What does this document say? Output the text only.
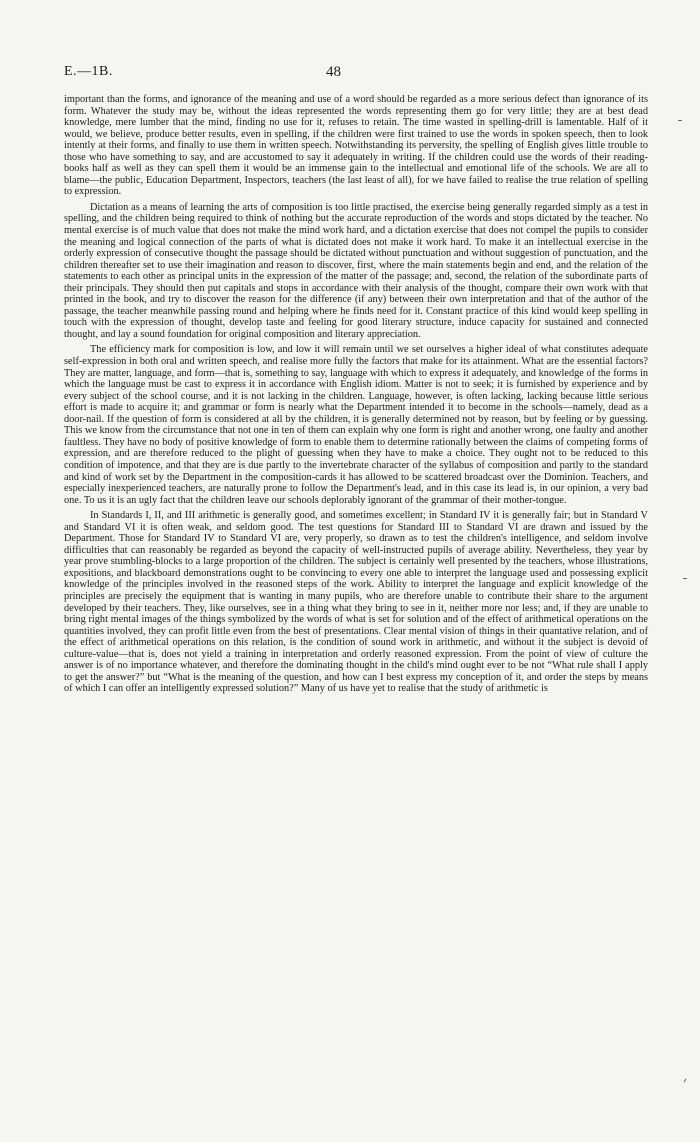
E.—1B.	48

important than the forms, and ignorance of the meaning and use of a word should be regarded as a more serious defect than ignorance of its form. Whatever the study may be, without the ideas represented the words representing them go for very little; they are at best dead knowledge, mere lumber that the mind, finding no use for it, refuses to retain. The time wasted in spelling-drill is lamentable. Half of it would, we believe, produce better results, even in spelling, if the children were first trained to use the words in spoken speech, then to look intently at their forms, and finally to use them in written speech. Notwithstanding its perversity, the spelling of English gives little trouble to those who have something to say, and are accustomed to say it adequately in writing. If the children could use the words of their reading-books half as well as they can spell them it would be an immense gain to the intellectual and emotional life of the schools. We are all to blame—the public, Education Department, Inspectors, teachers (the last least of all), for we have failed to realise the true relation of spelling to expression.

Dictation as a means of learning the arts of composition is too little practised, the exercise being generally regarded simply as a test in spelling, and the children being required to think of nothing but the accurate reproduction of the words and stops dictated by the teacher. No mental exercise is of much value that does not make the mind work hard, and a dictation exercise that does not compel the pupils to consider the meaning and logical connection of the parts of what is dictated does not make it work hard. To make it an intellectual exercise in the orderly expression of consecutive thought the passage should be dictated without punctuation and without suggestion of punctuation, and the children thereafter set to use their imagination and reason to discover, first, where the main statements begin and end, and the relation of the statements to each other as principal units in the expression of the matter of the passage; and, second, the relation of the subordinate parts of their principals. They should then put capitals and stops in accordance with their analysis of the thought, compare their own work with that printed in the book, and try to discover the reason for the difference (if any) between their own interpretation and that of the author of the passage, the teacher meanwhile passing round and helping where he finds need for it. Constant practice of this kind would keep spelling in touch with the expression of thought, develop taste and feeling for good literary structure, induce capacity for sustained and connected thought, and lay a sound foundation for original composition and literary appreciation.

The efficiency mark for composition is low, and low it will remain until we set ourselves a higher ideal of what constitutes adequate self-expression in both oral and written speech, and realise more fully the factors that make for its attainment. What are the essential factors? They are matter, language, and form—that is, something to say, language with which to express it adequately, and knowledge of the forms in which the language must be cast to express it in accordance with English idiom. Matter is not to seek; it is furnished by experience and by every subject of the school course, and it is not lacking in the children. Language, however, is often lacking, lacking because little serious effort is made to acquire it; and grammar or form is nearly what the Department intended it to become in the schools—namely, dead as a door-nail. If the question of form is considered at all by the children, it is generally determined not by reason, but by feeling or by guessing. This we know from the circumstance that not one in ten of them can explain why one form is right and another wrong, one faulty and another faultless. They have no body of positive knowledge of form to enable them to determine rationally between the claims of competing forms of expression, and are therefore reduced to the plight of guessing when they have to make a choice. They ought not to be reduced to this condition of impotence, and that they are is due partly to the invertebrate character of the syllabus of composition and partly to the standard and kind of work set by the Department in the composition-cards it has allowed to be scattered broadcast over the Dominion. Teachers, and especially inexperienced teachers, are naturally prone to follow the Department's lead, and in this case its lead is, in our opinion, a very bad one. To us it is an ugly fact that the children leave our schools deplorably ignorant of the grammar of their mother-tongue.

In Standards I, II, and III arithmetic is generally good, and sometimes excellent; in Standard IV it is generally fair; but in Standard V and Standard VI it is often weak, and seldom good. The test questions for Standard III to Standard VI are drawn and issued by the Department. Those for Standard IV to Standard VI are, very properly, so drawn as to test the children's intelligence, and seldom involve difficulties that can reasonably be regarded as beyond the capacity of well-instructed pupils of average ability. Nevertheless, they year by year prove stumbling-blocks to a large proportion of the children. The subject is certainly well presented by the teachers, whose illustrations, expositions, and blackboard demonstrations ought to be convincing to every one able to interpret the language used and possessing explicit knowledge of the principles involved in the reasoned steps of the work. Ability to interpret the language and explicit knowledge of the principles are precisely the equipment that is wanting in many pupils, who are therefore unable to contribute their share to the argument developed by their teachers. They, like ourselves, see in a thing what they bring to see in it, neither more nor less; and, if they are unable to bring right mental images of the things symbolized by the words of what is set for solution and of the effect of arithmetical operations on the quantities involved, they can profit little even from the best of presentations. Clear mental vision of things in their quantative relation, and of the effect of arithmetical operations on this relation, is the condition of sound work in arithmetic, and without it the subject is devoid of culture-value—that is, does not yield a training in interpretation and orderly reasoned expression. From the point of view of culture the answer is of no importance whatever, and therefore the dominating thought in the child's mind ought ever to be not “What rule shall I apply to get the answer?” but “What is the meaning of the question, and how can I best express my conception of it, and order the steps by means of which I can offer an intelligently expressed solution?” Many of us have yet to realise that the study of arithmetic is
